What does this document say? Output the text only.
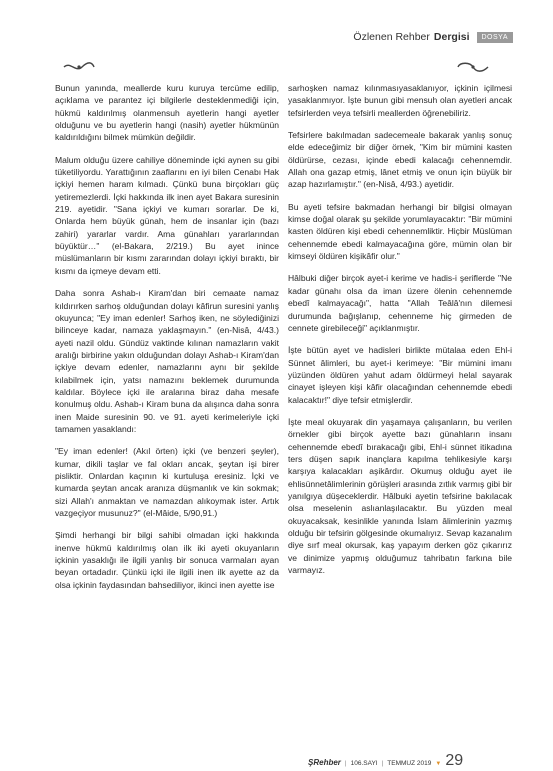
Özlenen Rehber Dergisi	DOSYA

Bunun yanında, meallerde kuru kuruya tercüme edilip, açıklama ve parantez içi bilgilerle desteklenmediği için, hükmü kaldırılmış olanmensuh ayetlerin hangi ayetler olduğunu ve bu ayetlerin hangi (nasih) ayetler hükmünün kaldırıldığını bilmek mümkün değildir.

Malum olduğu üzere cahiliye döneminde içki aynen su gibi tüketiliyordu. Yarattığının zaaflarını en iyi bilen Cenabı Hak içkiyi hemen haram kılmadı. Çünkü buna birçokları güç yetiremezlerdi. İçki hakkında ilk inen ayet Bakara suresinin 219. ayetidir. "Sana içkiyi ve kumarı sorarlar. De ki, Onlarda hem büyük günah, hem de insanlar için (bazı zahiri) yararlar vardır. Ama günahları yararlarından büyüktür…" (el-Bakara, 2/219.) Bu ayet inince müslümanların bir kısmı zararından dolayı içkiyi bıraktı, bir kısmı da içmeye devam etti.

Daha sonra Ashab-ı Kiram'dan biri cemaate namaz kıldırırken sarhoş olduğundan dolayı kâfirun suresini yanlış okuyunca; "Ey iman edenler! Sarhoş iken, ne söylediğinizi bilinceye kadar, namaza yaklaşmayın." (en-Nisâ, 4/43.) ayeti nazil oldu. Gündüz vaktinde kılınan namazların vakit aralığı birbirine yakın olduğundan dolayı Ashab-ı Kiram'dan içkiye devam edenler, namazlarını aynı bir şekilde kılabilmek için, yatsı namazını beklemek durumunda kaldılar. Böylece içki ile aralarına biraz daha mesafe konulmuş oldu. Ashab-ı Kiram buna da alışınca daha sonra inen Maide suresinin 90. ve 91. ayeti kerimeleriyle içki tamamen yasaklandı:

"Ey iman edenler! (Akıl örten) içki (ve benzeri şeyler), kumar, dikili taşlar ve fal okları ancak, şeytan işi birer pisliktir. Onlardan kaçının ki kurtuluşa eresiniz. İçki ve kumarda şeytan ancak aranıza düşmanlık ve kin sokmak; sizi Allah'ı anmaktan ve namazdan alıkoymak ister. Artık vazgeçiyor musunuz?" (el-Mâide, 5/90,91.)

Şimdi herhangi bir bilgi sahibi olmadan içki hakkında inenve hükmü kaldırılmış olan ilk iki ayeti okuyanların içkinin yasaklığı ile ilgili yanlış bir sonuca varmaları ayan beyan ortadadır. Çünkü içki ile ilgili inen ilk ayette az da olsa içkinin faydasından bahsediliyor, ikinci inen ayette ise

sarhoşken namaz kılınmasıyasaklanıyor, içkinin içilmesi yasaklanmıyor. İşte bunun gibi mensuh olan ayetleri ancak tefsirlerden veya tefsirli meallerden öğrenebiliriz.

Tefsirlere bakılmadan sadecemeale bakarak yanlış sonuç elde edeceğimiz bir diğer örnek, "Kim bir mümini kasten öldürürse, cezası, içinde ebedi kalacağı cehennemdir. Allah ona gazap etmiş, lânet etmiş ve onun için büyük bir azap hazırlamıştır." (en-Nisâ, 4/93.) ayetidir.

Bu ayeti tefsire bakmadan herhangi bir bilgisi olmayan kimse doğal olarak şu şekilde yorumlayacaktır: "Bir mümini kasten öldüren kişi ebedi cehennemliktir. Hiçbir Müslüman cehennemde ebedi kalmayacağına göre, mümin olan bir kimseyi öldüren kişikâfir olur."

Hâlbuki diğer birçok ayet-i kerime ve hadis-i şeriflerde "Ne kadar günahı olsa da iman üzere ölenin cehennemde ebedî kalmayacağı", hatta "Allah Teâlâ'nın dilemesi durumunda bağışlanıp, cehenneme hiç girmeden de cennete girebileceği" açıklanmıştır.

İşte bütün ayet ve hadisleri birlikte mütalaa eden Ehl-i Sünnet âlimleri, bu ayet-i kerimeye: "Bir mümini imanı yüzünden öldüren yahut adam öldürmeyi helal sayarak cinayet işleyen kişi kâfir olacağından cehennemde ebedi kalacaktır!" diye tefsir etmişlerdir.

İşte meal okuyarak din yaşamaya çalışanların, bu verilen örnekler gibi birçok ayette bazı günahların insanı cehennemde ebedî bırakacağı gibi, Ehl-i sünnet itikadına ters düşen sapık inançlara kapılma tehlikesiyle karşı karşıya kalacakları aşikârdır. Okumuş olduğu ayet ile ehlisünnetâlimlerinin görüşleri arasında zıtlık varmış gibi bir yanılgıya düşeceklerdir. Hâlbuki ayetin tefsirine bakılacak olsa meselenin aslıanlaşılacaktır. Bu yüzden meal okuyacaksak, kesinlikle yanında İslam âlimlerinin yazmış olduğu bir tefsirin gölgesinde okumalıyız. Sevap kazanalım diye sırf meal okursak, kaş yapayım derken göz çıkarırız ve dinimize yapmış olduğumuz tahribatın farkına bile varmayız.

ŞRehber | 106.SAYI | TEMMUZ 2019 ▼ 29
